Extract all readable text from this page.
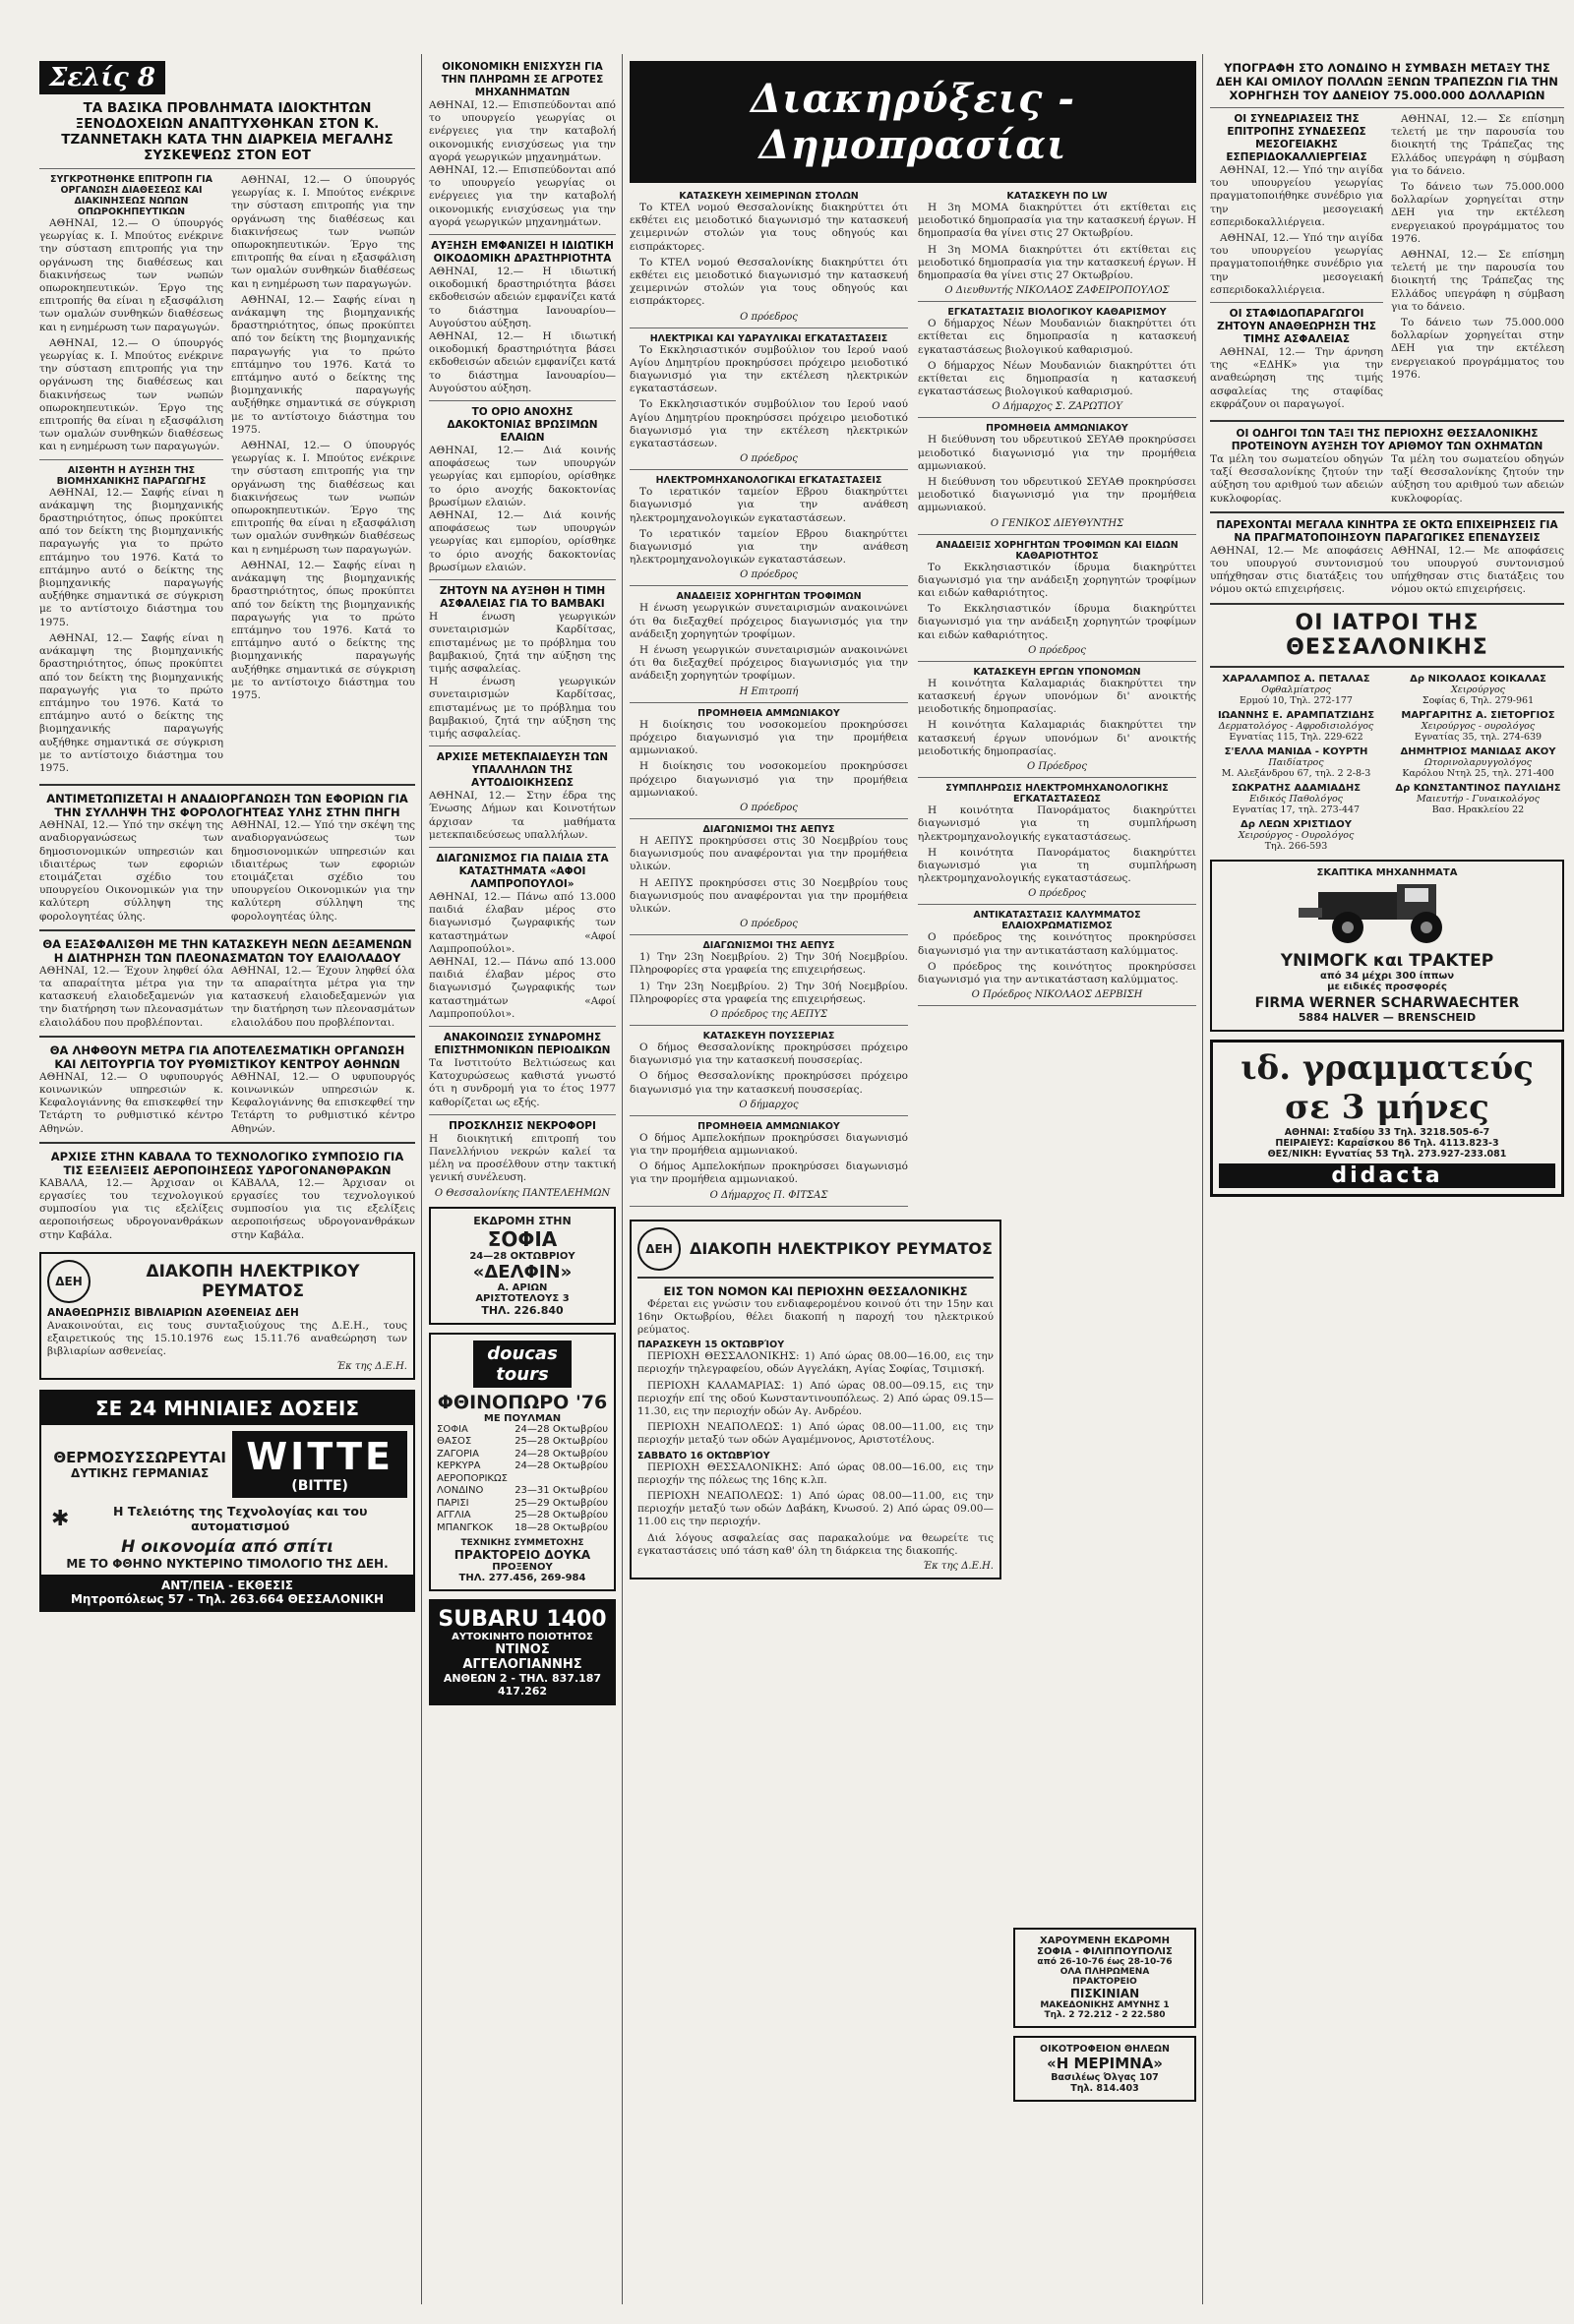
Σελίς 8
ΤΑ ΒΑΣΙΚΑ ΠΡΟΒΛΗΜΑΤΑ ΙΔΙΟΚΤΗΤΩΝ ΞΕΝΟΔΟΧΕΙΩΝ ΑΝΑΠΤΥΧΘΗΚΑΝ ΣΤΟΝ Κ. ΤΖΑΝΝΕΤΑΚΗ ΚΑΤΑ ΤΗΝ ΔΙΑΡΚΕΙΑ ΜΕΓΑΛΗΣ ΣΥΣΚΕΨΕΩΣ ΣΤΟΝ ΕΟΤ
ΣΥΓΚΡΟΤΗΘΗΚΕ ΕΠΙΤΡΟΠΗ ΓΙΑ ΟΡΓΑΝΩΣΗ ΔΙΑΘΕΣΕΩΣ ΚΑΙ ΔΙΑΚΙΝΗΣΕΩΣ ΝΩΠΩΝ ΟΠΩΡΟΚΗΠΕΥΤΙΚΩΝ
ΑΘΗΝΑΙ, 12.— Ο ύπουργός γεωργίας κ. Ι. Μπούτος ενέκρινε την σύσταση επιτροπής για την οργάνωση της διαθέσεως και διακινήσεως των νωπών οπωροκηπευτικών. Έργο της επιτροπής θα είναι η εξασφάλιση των ομαλών συνθηκών διαθέσεως και η ενημέρωση των παραγωγών.
ΑΘΗΝΑΙ, 12.— Ο ύπουργός γεωργίας κ. Ι. Μπούτος ενέκρινε την σύσταση επιτροπής για την οργάνωση της διαθέσεως και διακινήσεως των νωπών οπωροκηπευτικών. Έργο της επιτροπής θα είναι η εξασφάλιση των ομαλών συνθηκών διαθέσεως και η ενημέρωση των παραγωγών.
ΑΙΣΘΗΤΗ Η ΑΥΞΗΣΗ ΤΗΣ ΒΙΟΜΗΧΑΝΙΚΗΣ ΠΑΡΑΓΩΓΗΣ
ΑΘΗΝΑΙ, 12.— Σαφής είναι η ανάκαμψη της βιομηχανικής δραστηριότητος, όπως προκύπτει από τον δείκτη της βιομηχανικής παραγωγής για το πρώτο επτάμηνο του 1976. Κατά το επτάμηνο αυτό ο δείκτης της βιομηχανικής παραγωγής αυξήθηκε σημαντικά σε σύγκριση με το αντίστοιχο διάστημα του 1975.
ΑΘΗΝΑΙ, 12.— Σαφής είναι η ανάκαμψη της βιομηχανικής δραστηριότητος, όπως προκύπτει από τον δείκτη της βιομηχανικής παραγωγής για το πρώτο επτάμηνο του 1976. Κατά το επτάμηνο αυτό ο δείκτης της βιομηχανικής παραγωγής αυξήθηκε σημαντικά σε σύγκριση με το αντίστοιχο διάστημα του 1975.
ΑΘΗΝΑΙ, 12.— Ο ύπουργός γεωργίας κ. Ι. Μπούτος ενέκρινε την σύσταση επιτροπής για την οργάνωση της διαθέσεως και διακινήσεως των νωπών οπωροκηπευτικών. Έργο της επιτροπής θα είναι η εξασφάλιση των ομαλών συνθηκών διαθέσεως και η ενημέρωση των παραγωγών.
ΑΘΗΝΑΙ, 12.— Σαφής είναι η ανάκαμψη της βιομηχανικής δραστηριότητος, όπως προκύπτει από τον δείκτη της βιομηχανικής παραγωγής για το πρώτο επτάμηνο του 1976. Κατά το επτάμηνο αυτό ο δείκτης της βιομηχανικής παραγωγής αυξήθηκε σημαντικά σε σύγκριση με το αντίστοιχο διάστημα του 1975.
ΑΘΗΝΑΙ, 12.— Ο ύπουργός γεωργίας κ. Ι. Μπούτος ενέκρινε την σύσταση επιτροπής για την οργάνωση της διαθέσεως και διακινήσεως των νωπών οπωροκηπευτικών. Έργο της επιτροπής θα είναι η εξασφάλιση των ομαλών συνθηκών διαθέσεως και η ενημέρωση των παραγωγών.
ΑΘΗΝΑΙ, 12.— Σαφής είναι η ανάκαμψη της βιομηχανικής δραστηριότητος, όπως προκύπτει από τον δείκτη της βιομηχανικής παραγωγής για το πρώτο επτάμηνο του 1976. Κατά το επτάμηνο αυτό ο δείκτης της βιομηχανικής παραγωγής αυξήθηκε σημαντικά σε σύγκριση με το αντίστοιχο διάστημα του 1975.
ΑΝΤΙΜΕΤΩΠΙΖΕΤΑΙ Η ΑΝΑΔΙΟΡΓΑΝΩΣΗ ΤΩΝ ΕΦΟΡΙΩΝ ΓΙΑ ΤΗΝ ΣΥΛΛΗΨΗ ΤΗΣ ΦΟΡΟΛΟΓΗΤΕΑΣ ΥΛΗΣ ΣΤΗΝ ΠΗΓΗ
ΑΘΗΝΑΙ, 12.— Υπό την σκέψη της αναδιοργανώσεως των δημοσιονομικών υπηρεσιών και ιδιαιτέρως των εφοριών ετοιμάζεται σχέδιο του υπουργείου Οικονομικών για την καλύτερη σύλληψη της φορολογητέας ύλης.
ΑΘΗΝΑΙ, 12.— Υπό την σκέψη της αναδιοργανώσεως των δημοσιονομικών υπηρεσιών και ιδιαιτέρως των εφοριών ετοιμάζεται σχέδιο του υπουργείου Οικονομικών για την καλύτερη σύλληψη της φορολογητέας ύλης.
ΘΑ ΕΞΑΣΦΑΛΙΣΘΗ ΜΕ ΤΗΝ ΚΑΤΑΣΚΕΥΗ ΝΕΩΝ ΔΕΞΑΜΕΝΩΝ Η ΔΙΑΤΗΡΗΣΗ ΤΩΝ ΠΛΕΟΝΑΣΜΑΤΩΝ ΤΟΥ ΕΛΑΙΟΛΑΔΟΥ
ΑΘΗΝΑΙ, 12.— Έχουν ληφθεί όλα τα απαραίτητα μέτρα για την κατασκευή ελαιοδεξαμενών για την διατήρηση των πλεονασμάτων ελαιολάδου που προβλέπονται.
ΑΘΗΝΑΙ, 12.— Έχουν ληφθεί όλα τα απαραίτητα μέτρα για την κατασκευή ελαιοδεξαμενών για την διατήρηση των πλεονασμάτων ελαιολάδου που προβλέπονται.
ΘΑ ΛΗΦΘΟΥΝ ΜΕΤΡΑ ΓΙΑ ΑΠΟΤΕΛΕΣΜΑΤΙΚΗ ΟΡΓΑΝΩΣΗ ΚΑΙ ΛΕΙΤΟΥΡΓΙΑ ΤΟΥ ΡΥΘΜΙΣΤΙΚΟΥ ΚΕΝΤΡΟΥ ΑΘΗΝΩΝ
ΑΘΗΝΑΙ, 12.— Ο υφυπουργός κοινωνικών υπηρεσιών κ. Κεφαλογιάννης θα επισκεφθεί την Τετάρτη το ρυθμιστικό κέντρο Αθηνών.
ΑΘΗΝΑΙ, 12.— Ο υφυπουργός κοινωνικών υπηρεσιών κ. Κεφαλογιάννης θα επισκεφθεί την Τετάρτη το ρυθμιστικό κέντρο Αθηνών.
ΑΡΧΙΣΕ ΣΤΗΝ ΚΑΒΑΛΑ ΤΟ ΤΕΧΝΟΛΟΓΙΚΟ ΣΥΜΠΟΣΙΟ ΓΙΑ ΤΙΣ ΕΞΕΛΙΞΕΙΣ ΑΕΡΟΠΟΙΗΣΕΩΣ ΥΔΡΟΓΟΝΑΝΘΡΑΚΩΝ
ΚΑΒΑΛΑ, 12.— Άρχισαν οι εργασίες του τεχνολογικού συμποσίου για τις εξελίξεις αεροποιήσεως υδρογονανθράκων στην Καβάλα.
ΚΑΒΑΛΑ, 12.— Άρχισαν οι εργασίες του τεχνολογικού συμποσίου για τις εξελίξεις αεροποιήσεως υδρογονανθράκων στην Καβάλα.
ΔΕΗ	ΔΙΑΚΟΠΗ ΗΛΕΚΤΡΙΚΟΥ ΡΕΥΜΑΤΟΣ
ΑΝΑΘΕΩΡΗΣΙΣ ΒΙΒΛΙΑΡΙΩΝ ΑΣΘΕΝΕΙΑΣ ΔΕΗ
Ανακοινούται, εις τους συνταξιούχους της Δ.Ε.Η., τους εξαιρετικούς της 15.10.1976 εως 15.11.76 αναθεώρηση των βιβλιαρίων ασθενείας.
Έκ της Δ.Ε.Η.
ΣΕ 24 ΜΗΝΙΑΙΕΣ ΔΟΣΕΙΣ
ΘΕΡΜΟΣΥΣΣΩΡΕΥΤΑΙ
ΔΥΤΙΚΗΣ ΓΕΡΜΑΝΙΑΣ	WITTE
(BITTE)
✱	Η Τελειότης της Τεχνολογίας και του αυτοματισμού
Η οικονομία από σπίτι
ΜΕ ΤΟ ΦΘΗΝΟ ΝΥΚΤΕΡΙΝΟ ΤΙΜΟΛΟΓΙΟ ΤΗΣ ΔΕΗ.
ΑΝΤ/ΠΕΙΑ - ΕΚΘΕΣΙΣ
Μητροπόλεως 57 - Τηλ. 263.664 ΘΕΣΣΑΛΟΝΙΚΗ
ΟΙΚΟΝΟΜΙΚΗ ΕΝΙΣΧΥΣΗ ΓΙΑ ΤΗΝ ΠΛΗΡΩΜΗ ΣΕ ΑΓΡΟΤΕΣ ΜΗΧΑΝΗΜΑΤΩΝ
ΑΘΗΝΑΙ, 12.— Επισπεύδονται από το υπουργείο γεωργίας οι ενέργειες για την καταβολή οικονομικής ενισχύσεως για την αγορά γεωργικών μηχανημάτων.
ΑΘΗΝΑΙ, 12.— Επισπεύδονται από το υπουργείο γεωργίας οι ενέργειες για την καταβολή οικονομικής ενισχύσεως για την αγορά γεωργικών μηχανημάτων.
ΑΥΞΗΣΗ ΕΜΦΑΝΙΖΕΙ Η ΙΔΙΩΤΙΚΗ ΟΙΚΟΔΟΜΙΚΗ ΔΡΑΣΤΗΡΙΟΤΗΤΑ
ΑΘΗΝΑΙ, 12.— Η ιδιωτική οικοδομική δραστηριότητα βάσει εκδοθεισών αδειών εμφανίζει κατά το διάστημα Ιανουαρίου—Αυγούστου αύξηση.
ΑΘΗΝΑΙ, 12.— Η ιδιωτική οικοδομική δραστηριότητα βάσει εκδοθεισών αδειών εμφανίζει κατά το διάστημα Ιανουαρίου—Αυγούστου αύξηση.
ΤΟ ΟΡΙΟ ΑΝΟΧΗΣ ΔΑΚΟΚΤΟΝΙΑΣ ΒΡΩΣΙΜΩΝ ΕΛΑΙΩΝ
ΑΘΗΝΑΙ, 12.— Διά κοινής αποφάσεως των υπουργών γεωργίας και εμπορίου, ορίσθηκε το όριο ανοχής δακοκτονίας βρωσίμων ελαιών.
ΑΘΗΝΑΙ, 12.— Διά κοινής αποφάσεως των υπουργών γεωργίας και εμπορίου, ορίσθηκε το όριο ανοχής δακοκτονίας βρωσίμων ελαιών.
ΖΗΤΟΥΝ ΝΑ ΑΥΞΗΘΗ Η ΤΙΜΗ ΑΣΦΑΛΕΙΑΣ ΓΙΑ ΤΟ ΒΑΜΒΑΚΙ
Η ένωση γεωργικών συνεταιρισμών Καρδίτσας, επισταμένως με το πρόβλημα του βαμβακιού, ζητά την αύξηση της τιμής ασφαλείας.
Η ένωση γεωργικών συνεταιρισμών Καρδίτσας, επισταμένως με το πρόβλημα του βαμβακιού, ζητά την αύξηση της τιμής ασφαλείας.
ΑΡΧΙΣΕ ΜΕΤΕΚΠΑΙΔΕΥΣΗ ΤΩΝ ΥΠΑΛΛΗΛΩΝ ΤΗΣ ΑΥΤΟΔΙΟΙΚΗΣΕΩΣ
ΑΘΗΝΑΙ, 12.— Στην έδρα της Ένωσης Δήμων και Κοινοτήτων άρχισαν τα μαθήματα μετεκπαιδεύσεως υπαλλήλων.
ΔΙΑΓΩΝΙΣΜΟΣ ΓΙΑ ΠΑΙΔΙΑ ΣΤΑ ΚΑΤΑΣΤΗΜΑΤΑ «ΑΦΟΙ ΛΑΜΠΡΟΠΟΥΛΟΙ»
ΑΘΗΝΑΙ, 12.— Πάνω από 13.000 παιδιά έλαβαν μέρος στο διαγωνισμό ζωγραφικής των καταστημάτων «Αφοί Λαμπροπούλοι».
ΑΘΗΝΑΙ, 12.— Πάνω από 13.000 παιδιά έλαβαν μέρος στο διαγωνισμό ζωγραφικής των καταστημάτων «Αφοί Λαμπροπούλοι».
ΑΝΑΚΟΙΝΩΣΙΣ ΣΥΝΔΡΟΜΗΣ ΕΠΙΣΤΗΜΟΝΙΚΩΝ ΠΕΡΙΟΔΙΚΩΝ
Τα Ινστιτούτο Βελτιώσεως και Κατοχυρώσεως καθιστά γνωστό ότι η συνδρομή για το έτος 1977 καθορίζεται ως εξής.
ΠΡΟΣΚΛΗΣΙΣ ΝΕΚΡΟΦΟΡΙ
Η διοικητική επιτροπή του Πανελλήνιου νεκρών καλεί τα μέλη να προσέλθουν στην τακτική γενική συνέλευση.
Ο Θεσσαλονίκης ΠΑΝΤΕΛΕΗΜΩΝ
ΕΚΔΡΟΜΗ ΣΤΗΝ
ΣΟΦΙΑ
24—28 ΟΚΤΩΒΡΙΟΥ
«ΔΕΛΦΙΝ»
Α. ΑΡΙΩΝ
ΑΡΙΣΤΟΤΕΛΟΥΣ 3
ΤΗΛ. 226.840
doucas
tours
ΦΘΙΝΟΠΩΡΟ '76
ΜΕ ΠΟΥΛΜΑΝ
ΣΟΦΙΑ	24—28 Οκτωβρίου
ΘΑΣΟΣ	25—28 Οκτωβρίου
ΖΑΓΟΡΙΑ	24—28 Οκτωβρίου
ΚΕΡΚΥΡΑ	24—28 Οκτωβρίου
ΑΕΡΟΠΟΡΙΚΩΣ
ΛΟΝΔΙΝΟ	23—31 Οκτωβρίου
ΠΑΡΙΣΙ	25—29 Οκτωβρίου
ΑΓΓΛΙΑ	25—28 Οκτωβρίου
ΜΠΑΝΓΚΟΚ 18—28 Οκτωβρίου
ΤΕΧΝΙΚΗΣ ΣΥΜΜΕΤΟΧΗΣ
ΠΡΑΚΤΟΡΕΙΟ ΔΟΥΚΑ
ΠΡΟΞΕΝΟΥ
ΤΗΛ. 277.456, 269-984
SUBARU 1400
ΑΥΤΟΚΙΝΗΤΟ ΠΟΙΟΤΗΤΟΣ
ΝΤΙΝΟΣ ΑΓΓΕΛΟΓΙΑΝΝΗΣ
ΑΝΘΕΩΝ 2 - ΤΗΛ. 837.187
417.262
Διακηρύξεις - Δημοπρασίαι
ΚΑΤΑΣΚΕΥΗ ΧΕΙΜΕΡΙΝΩΝ ΣΤΟΛΩΝ
Το ΚΤΕΛ νομού Θεσσαλονίκης διακηρύττει ότι εκθέτει εις μειοδοτικό διαγωνισμό την κατασκευή χειμερινών στολών για τους οδηγούς και εισπράκτορες.
Το ΚΤΕΛ νομού Θεσσαλονίκης διακηρύττει ότι εκθέτει εις μειοδοτικό διαγωνισμό την κατασκευή χειμερινών στολών για τους οδηγούς και εισπράκτορες.
Ο πρόεδρος
ΗΛΕΚΤΡΙΚΑΙ ΚΑΙ ΥΔΡΑΥΛΙΚΑΙ ΕΓΚΑΤΑΣΤΑΣΕΙΣ
Το Εκκλησιαστικόν συμβούλιον του Ιερού ναού Αγίου Δημητρίου προκηρύσσει πρόχειρο μειοδοτικό διαγωνισμό για την εκτέλεση ηλεκτρικών εγκαταστάσεων.
Το Εκκλησιαστικόν συμβούλιον του Ιερού ναού Αγίου Δημητρίου προκηρύσσει πρόχειρο μειοδοτικό διαγωνισμό για την εκτέλεση ηλεκτρικών εγκαταστάσεων.
Ο πρόεδρος
ΗΛΕΚΤΡΟΜΗΧΑΝΟΛΟΓΙΚΑΙ ΕΓΚΑΤΑΣΤΑΣΕΙΣ
Το ιερατικόν ταμείον Εβρου διακηρύττει διαγωνισμό για την ανάθεση ηλεκτρομηχανολογικών εγκαταστάσεων.
Το ιερατικόν ταμείον Εβρου διακηρύττει διαγωνισμό για την ανάθεση ηλεκτρομηχανολογικών εγκαταστάσεων.
Ο πρόεδρος
ΑΝΑΔΕΙΞΙΣ ΧΟΡΗΓΗΤΩΝ ΤΡΟΦΙΜΩΝ
Η ένωση γεωργικών συνεταιρισμών ανακοινώνει ότι θα διεξαχθεί πρόχειρος διαγωνισμός για την ανάδειξη χορηγητών τροφίμων.
Η ένωση γεωργικών συνεταιρισμών ανακοινώνει ότι θα διεξαχθεί πρόχειρος διαγωνισμός για την ανάδειξη χορηγητών τροφίμων.
Η Επιτροπή
ΠΡΟΜΗΘΕΙΑ ΑΜΜΩΝΙΑΚΟΥ
Η διοίκησις του νοσοκομείου προκηρύσσει πρόχειρο διαγωνισμό για την προμήθεια αμμωνιακού.
Η διοίκησις του νοσοκομείου προκηρύσσει πρόχειρο διαγωνισμό για την προμήθεια αμμωνιακού.
Ο πρόεδρος
ΔΙΑΓΩΝΙΣΜΟΙ ΤΗΣ ΑΕΠΥΣ
Η ΑΕΠΥΣ προκηρύσσει στις 30 Νοεμβρίου τους διαγωνισμούς που αναφέρονται για την προμήθεια υλικών.
Η ΑΕΠΥΣ προκηρύσσει στις 30 Νοεμβρίου τους διαγωνισμούς που αναφέρονται για την προμήθεια υλικών.
Ο πρόεδρος
ΔΙΑΓΩΝΙΣΜΟΙ ΤΗΣ ΑΕΠΥΣ
1) Την 23η Νοεμβρίου. 2) Την 30ή Νοεμβρίου. Πληροφορίες στα γραφεία της επιχειρήσεως.
1) Την 23η Νοεμβρίου. 2) Την 30ή Νοεμβρίου. Πληροφορίες στα γραφεία της επιχειρήσεως.
Ο πρόεδρος της ΑΕΠΥΣ
ΚΑΤΑΣΚΕΥΗ ΠΟΥΣΣΕΡΙΑΣ
Ο δήμος Θεσσαλονίκης προκηρύσσει πρόχειρο διαγωνισμό για την κατασκευή πουσσερίας.
Ο δήμος Θεσσαλονίκης προκηρύσσει πρόχειρο διαγωνισμό για την κατασκευή πουσσερίας.
Ο δήμαρχος
ΠΡΟΜΗΘΕΙΑ ΑΜΜΩΝΙΑΚΟΥ
Ο δήμος Αμπελοκήπων προκηρύσσει διαγωνισμό για την προμήθεια αμμωνιακού.
Ο δήμος Αμπελοκήπων προκηρύσσει διαγωνισμό για την προμήθεια αμμωνιακού.
Ο Δήμαρχος Π. ΦΙΤΣΑΣ
ΚΑΤΑΣΚΕΥΗ ΠΟ LW
Η 3η ΜΟΜΑ διακηρύττει ότι εκτίθεται εις μειοδοτικό δημοπρασία για την κατασκευή έργων. Η δημοπρασία θα γίνει στις 27 Οκτωβρίου.
Η 3η ΜΟΜΑ διακηρύττει ότι εκτίθεται εις μειοδοτικό δημοπρασία για την κατασκευή έργων. Η δημοπρασία θα γίνει στις 27 Οκτωβρίου.
Ο Διευθυντής ΝΙΚΟΛΑΟΣ ΖΑΦΕΙΡΟΠΟΥΛΟΣ
ΕΓΚΑΤΑΣΤΑΣΙΣ ΒΙΟΛΟΓΙΚΟΥ ΚΑΘΑΡΙΣΜΟΥ
Ο δήμαρχος Νέων Μουδανιών διακηρύττει ότι εκτίθεται εις δημοπρασία η κατασκευή εγκαταστάσεως βιολογικού καθαρισμού.
Ο δήμαρχος Νέων Μουδανιών διακηρύττει ότι εκτίθεται εις δημοπρασία η κατασκευή εγκαταστάσεως βιολογικού καθαρισμού.
Ο Δήμαρχος Σ. ΖΑΡΩΤΙΟΥ
ΠΡΟΜΗΘΕΙΑ ΑΜΜΩΝΙΑΚΟΥ
Η διεύθυνση του υδρευτικού ΣΕΥΑΘ προκηρύσσει μειοδοτικό διαγωνισμό για την προμήθεια αμμωνιακού.
Η διεύθυνση του υδρευτικού ΣΕΥΑΘ προκηρύσσει μειοδοτικό διαγωνισμό για την προμήθεια αμμωνιακού.
Ο ΓΕΝΙΚΟΣ ΔΙΕΥΘΥΝΤΗΣ
ΑΝΑΔΕΙΞΙΣ ΧΟΡΗΓΗΤΩΝ ΤΡΟΦΙΜΩΝ ΚΑΙ ΕΙΔΩΝ ΚΑΘΑΡΙΟΤΗΤΟΣ
Το Εκκλησιαστικόν ίδρυμα διακηρύττει διαγωνισμό για την ανάδειξη χορηγητών τροφίμων και ειδών καθαριότητος.
Το Εκκλησιαστικόν ίδρυμα διακηρύττει διαγωνισμό για την ανάδειξη χορηγητών τροφίμων και ειδών καθαριότητος.
Ο πρόεδρος
ΚΑΤΑΣΚΕΥΗ ΕΡΓΩΝ ΥΠΟΝΟΜΩΝ
Η κοινότητα Καλαμαριάς διακηρύττει την κατασκευή έργων υπονόμων δι' ανοικτής μειοδοτικής δημοπρασίας.
Η κοινότητα Καλαμαριάς διακηρύττει την κατασκευή έργων υπονόμων δι' ανοικτής μειοδοτικής δημοπρασίας.
Ο Πρόεδρος
ΣΥΜΠΛΗΡΩΣΙΣ ΗΛΕΚΤΡΟΜΗΧΑΝΟΛΟΓΙΚΗΣ ΕΓΚΑΤΑΣΤΑΣΕΩΣ
Η κοινότητα Πανοράματος διακηρύττει διαγωνισμό για τη συμπλήρωση ηλεκτρομηχανολογικής εγκαταστάσεως.
Η κοινότητα Πανοράματος διακηρύττει διαγωνισμό για τη συμπλήρωση ηλεκτρομηχανολογικής εγκαταστάσεως.
Ο πρόεδρος
ΑΝΤΙΚΑΤΑΣΤΑΣΙΣ ΚΑΛΥΜΜΑΤΟΣ ΕΛΑΙΟΧΡΩΜΑΤΙΣΜΟΣ
Ο πρόεδρος της κοινότητος προκηρύσσει διαγωνισμό για την αντικατάσταση καλύμματος.
Ο πρόεδρος της κοινότητος προκηρύσσει διαγωνισμό για την αντικατάσταση καλύμματος.
Ο Πρόεδρος ΝΙΚΟΛΑΟΣ ΔΕΡΒΙΣΗ
ΔΕΗ	ΔΙΑΚΟΠΗ ΗΛΕΚΤΡΙΚΟΥ ΡΕΥΜΑΤΟΣ
ΕΙΣ ΤΟΝ ΝΟΜΟΝ ΚΑΙ ΠΕΡΙΟΧΗΝ ΘΕΣΣΑΛΟΝΙΚΗΣ
Φέρεται εις γνώσιν του ενδιαφερομένου κοινού ότι την 15ην και 16ην Οκτωβρίου, θέλει διακοπή η παροχή του ηλεκτρικού ρεύματος.
ΠΑΡΑΣΚΕΥΗ 15 ΟΚΤΩΒΡΊΟΥ
ΠΕΡΙΟΧΗ ΘΕΣΣΑΛΟΝΙΚΗΣ: 1) Από ώρας 08.00—16.00, εις την περιοχήν τηλεγραφείου, οδών Αγγελάκη, Αγίας Σοφίας, Τσιμισκή.
ΠΕΡΙΟΧΗ ΚΑΛΑΜΑΡΙΑΣ: 1) Από ώρας 08.00—09.15, εις την περιοχήν επί της οδού Κωνσταντινουπόλεως. 2) Από ώρας 09.15—11.30, εις την περιοχήν οδών Αγ. Ανδρέου.
ΠΕΡΙΟΧΗ ΝΕΑΠΟΛΕΩΣ: 1) Από ώρας 08.00—11.00, εις την περιοχήν μεταξύ των οδών Αγαμέμνονος, Αριστοτέλους.
ΣΑΒΒΑΤΟ 16 ΟΚΤΩΒΡΊΟΥ
ΠΕΡΙΟΧΗ ΘΕΣΣΑΛΟΝΙΚΗΣ: Από ώρας 08.00—16.00, εις την περιοχήν της πόλεως της 16ης κ.λπ.
ΠΕΡΙΟΧΗ ΝΕΑΠΟΛΕΩΣ: 1) Από ώρας 08.00—11.00, εις την περιοχήν μεταξύ των οδών Δαβάκη, Κνωσού. 2) Από ώρας 09.00—11.00 εις την περιοχήν.
Διά λόγους ασφαλείας σας παρακαλούμε να θεωρείτε τις εγκαταστάσεις υπό τάση καθ' όλη τη διάρκεια της διακοπής.
Έκ της Δ.Ε.Η.
ΧΑΡΟΥΜΕΝΗ ΕΚΔΡΟΜΗ
ΣΟΦΙΑ - ΦΙΛΙΠΠΟΥΠΟΛΙΣ
από 26-10-76 έως 28-10-76
ΟΛΑ ΠΛΗΡΩΜΕΝΑ
ΠΡΑΚΤΟΡΕΙΟ
ΠΙΣΚΙΝΙΑΝ
ΜΑΚΕΔΟΝΙΚΗΣ ΑΜΥΝΗΣ 1
Τηλ. 2 72.212 - 2 22.580
ΟΙΚΟΤΡΟΦΕΙΟΝ ΘΗΛΕΩΝ
«Η ΜΕΡΙΜΝΑ»
Βασιλέως Όλγας 107
Τηλ. 814.403
ΥΠΟΓΡΑΦΗ ΣΤΟ ΛΟΝΔΙΝΟ Η ΣΥΜΒΑΣΗ ΜΕΤΑΞΥ ΤΗΣ ΔΕΗ ΚΑΙ ΟΜΙΛΟΥ ΠΟΛΛΩΝ ΞΕΝΩΝ ΤΡΑΠΕΖΩΝ ΓΙΑ ΤΗΝ ΧΟΡΗΓΗΣΗ ΤΟΥ ΔΑΝΕΙΟΥ 75.000.000 ΔΟΛΛΑΡΙΩΝ
ΟΙ ΣΥΝΕΔΡΙΑΣΕΙΣ ΤΗΣ ΕΠΙΤΡΟΠΗΣ ΣΥΝΔΕΣΕΩΣ ΜΕΣΟΓΕΙΑΚΗΣ ΕΣΠΕΡΙΔΟΚΑΛΛΙΕΡΓΕΙΑΣ
ΑΘΗΝΑΙ, 12.— Υπό την αιγίδα του υπουργείου γεωργίας πραγματοποιήθηκε συνέδριο για την μεσογειακή εσπεριδοκαλλιέργεια.
ΑΘΗΝΑΙ, 12.— Υπό την αιγίδα του υπουργείου γεωργίας πραγματοποιήθηκε συνέδριο για την μεσογειακή εσπεριδοκαλλιέργεια.
ΟΙ ΣΤΑΦΙΔΟΠΑΡΑΓΩΓΟΙ ΖΗΤΟΥΝ ΑΝΑΘΕΩΡΗΣΗ ΤΗΣ ΤΙΜΗΣ ΑΣΦΑΛΕΙΑΣ
ΑΘΗΝΑΙ, 12.— Την άρνηση της «ΕΔΗΚ» για την αναθεώρηση της τιμής ασφαλείας της σταφίδας εκφράζουν οι παραγωγοί.
ΑΘΗΝΑΙ, 12.— Σε επίσημη τελετή με την παρουσία του διοικητή της Τράπεζας της Ελλάδος υπεγράφη η σύμβαση για το δάνειο.
Το δάνειο των 75.000.000 δολλαρίων χορηγείται στην ΔΕΗ για την εκτέλεση ενεργειακού προγράμματος του 1976.
ΑΘΗΝΑΙ, 12.— Σε επίσημη τελετή με την παρουσία του διοικητή της Τράπεζας της Ελλάδος υπεγράφη η σύμβαση για το δάνειο.
Το δάνειο των 75.000.000 δολλαρίων χορηγείται στην ΔΕΗ για την εκτέλεση ενεργειακού προγράμματος του 1976.
ΟΙ ΟΔΗΓΟΙ ΤΩΝ ΤΑΞΙ ΤΗΣ ΠΕΡΙΟΧΗΣ ΘΕΣΣΑΛΟΝΙΚΗΣ ΠΡΟΤΕΙΝΟΥΝ ΑΥΞΗΣΗ ΤΟΥ ΑΡΙΘΜΟΥ ΤΩΝ ΟΧΗΜΑΤΩΝ
Τα μέλη του σωματείου οδηγών ταξί Θεσσαλονίκης ζητούν την αύξηση του αριθμού των αδειών κυκλοφορίας.
Τα μέλη του σωματείου οδηγών ταξί Θεσσαλονίκης ζητούν την αύξηση του αριθμού των αδειών κυκλοφορίας.
ΠΑΡΕΧΟΝΤΑΙ ΜΕΓΑΛΑ ΚΙΝΗΤΡΑ ΣΕ ΟΚΤΩ ΕΠΙΧΕΙΡΗΣΕΙΣ ΓΙΑ ΝΑ ΠΡΑΓΜΑΤΟΠΟΙΗΣΟΥΝ ΠΑΡΑΓΩΓΙΚΕΣ ΕΠΕΝΔΥΣΕΙΣ
ΑΘΗΝΑΙ, 12.— Με αποφάσεις του υπουργού συντονισμού υπήχθησαν στις διατάξεις του νόμου οκτώ επιχειρήσεις.
ΑΘΗΝΑΙ, 12.— Με αποφάσεις του υπουργού συντονισμού υπήχθησαν στις διατάξεις του νόμου οκτώ επιχειρήσεις.
ΟΙ ΙΑΤΡΟΙ ΤΗΣ ΘΕΣΣΑΛΟΝΙΚΗΣ
ΧΑΡΑΛΑΜΠΟΣ Α. ΠΕΤΑΛΑΣ
Οφθαλμίατρος
Ερμού 10, Τηλ. 272-177
Δρ ΝΙΚΟΛΑΟΣ ΚΟΙΚΑΛΑΣ
Χειρούργος
Σοφίας 6, Τηλ. 279-961
ΙΩΑΝΝΗΣ Ε. ΑΡΑΜΠΑΤΖΙΔΗΣ
Δερματολόγος - Αφροδισιολόγος
Εγνατίας 115, Τηλ. 229-622
ΜΑΡΓΑΡΙΤΗΣ Α. ΣΙΕΤΟΡΓΙΟΣ
Χειρούργος - ουρολόγος
Εγνατίας 35, τηλ. 274-639
Σ'ΕΛΛΑ ΜΑΝΙΔΑ - ΚΟΥΡΤΗ
Παιδίατρος
Μ. Αλεξάνδρου 67, τηλ. 2 2-8-3
ΔΗΜΗΤΡΙΟΣ ΜΑΝΙΔΑΣ ΑΚΟΥ
Ωτορινολαρυγγολόγος
Καρόλου Ντηλ 25, τηλ. 271-400
ΣΩΚΡΑΤΗΣ ΑΔΑΜΙΑΔΗΣ
Ειδικός Παθολόγος
Εγνατίας 17, τηλ. 273-447
Δρ ΚΩΝΣΤΑΝΤΙΝΟΣ ΠΑΥΛΙΔΗΣ
Μαιευτήρ - Γυναικολόγος
Βασ. Ηρακλείου 22
Δρ ΛΕΩΝ ΧΡΙΣΤΙΔΟΥ
Χειρούργος - Ουρολόγος
Τηλ. 266-593
ΣΚΑΠΤΙΚΑ ΜΗΧΑΝΗΜΑΤΑ
ΥΝΙΜΟΓΚ και ΤΡΑΚΤΕΡ
από 34 μέχρι 300 ίππων
με ειδικές προσφορές
FIRMA WERNER SCHARWAECHTER
5884 HALVER — BRENSCHEID
ιδ. γραμματεύς
σε 3 μήνες
ΑΘΗΝΑΙ: Σταδίου 33 Τηλ. 3218.505-6-7
ΠΕΙΡΑΙΕΥΣ: Καραΐσκου 86 Τηλ. 4113.823-3
ΘΕΣ/ΝΙΚΗ: Εγνατίας 53 Τηλ. 273.927-233.081
didacta
